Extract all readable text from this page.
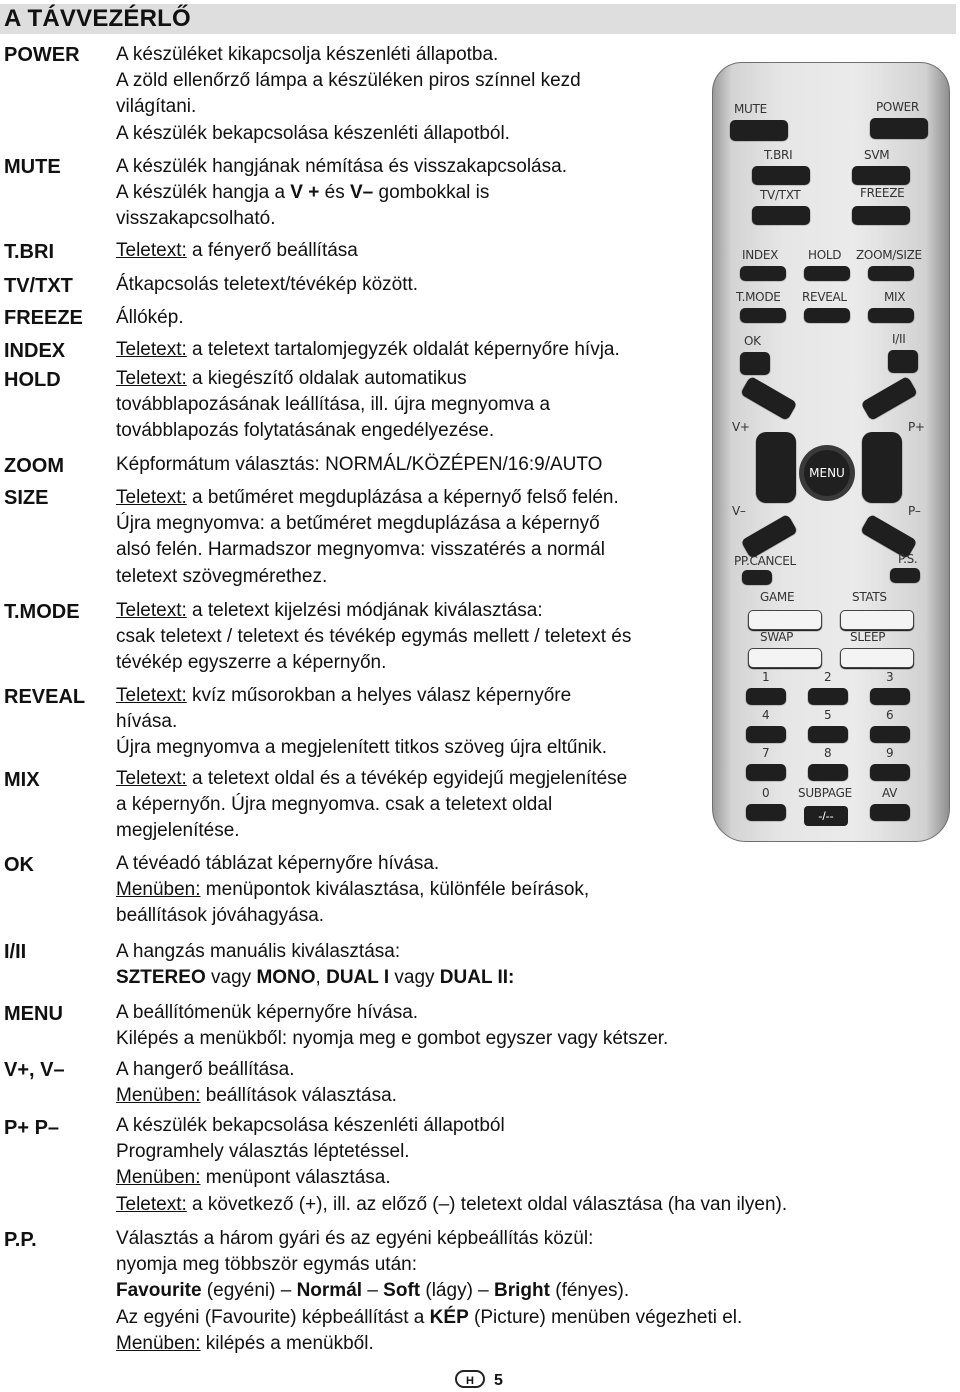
A TÁVVEZÉRLŐ
POWER A készüléket kikapcsolja készenléti állapotba.
A zöld ellenőrző lámpa a készüléken piros színnel kezd
világítani.
A készülék bekapcsolása készenléti állapotból.
MUTE	A készülék hangjának némítása és visszakapcsolása.
A készülék hangja a V + és V– gombokkal is
visszakapcsolható.
T.BRI	Teletext: a fényerő beállítása
TV/TXT Átkapcsolás teletext/tévékép között.
FREEZE Állókép.
INDEX	Teletext: a teletext tartalomjegyzék oldalát képernyőre hívja.
HOLD	Teletext: a kiegészítő oldalak automatikus
továbblapozásának leállítása, ill. újra megnyomva a
továbblapozás folytatásának engedélyezése.
ZOOM	Képformátum választás: NORMÁL/KÖZÉPEN/16:9/AUTO
SIZE	Teletext: a betűméret megduplázása a képernyő felső felén.
Újra megnyomva: a betűméret megduplázása a képernyő
alsó felén. Harmadszor megnyomva: visszatérés a normál
teletext szövegmérethez.
T.MODE Teletext: a teletext kijelzési módjának kiválasztása:
csak teletext / teletext és tévékép egymás mellett / teletext és
tévékép egyszerre a képernyőn.
REVEAL Teletext: kvíz műsorokban a helyes válasz képernyőre
hívása.
Újra megnyomva a megjelenített titkos szöveg újra eltűnik.
MIX	Teletext: a teletext oldal és a tévékép egyidejű megjelenítése
a képernyőn. Újra megnyomva. csak a teletext oldal
megjelenítése.
OK	A tévéadó táblázat képernyőre hívása.
Menüben: menüpontok kiválasztása, különféle beírások,
beállítások jóváhagyása.
I/II	A hangzás manuális kiválasztása:
SZTEREO vagy MONO, DUAL I vagy DUAL II:
MENU	A beállítómenük képernyőre hívása.
Kilépés a menükből: nyomja meg e gombot egyszer vagy kétszer.
V+, V–	A hangerő beállítása.
Menüben: beállítások választása.
P+ P–	A készülék bekapcsolása készenléti állapotból
Programhely választás léptetéssel.
Menüben: menüpont választása.
Teletext: a következő (+), ill. az előző (–) teletext oldal választása (ha van ilyen).
P.P.	Választás a három gyári és az egyéni képbeállítás közül:
nyomja meg többször egymás után:
Favourite (egyéni) – Normál – Soft (lágy) – Bright (fényes).
Az egyéni (Favourite) képbeállítást a KÉP (Picture) menüben végezheti el.
Menüben: kilépés a menükből.
MUTE	POWER
T.BRI	SVM
TV/TXT	FREEZE
INDEX HOLD ZOOM/SIZE
T.MODE REVEAL	MIX
OK	I/II
V+	P+
MENU
V–	P–
PP.CANCEL	P.S.
GAME	STATS
SWAP	SLEEP
1	2	3
4	5	6
7	8	9
0 SUBPAGE	AV
-/--
H	5
